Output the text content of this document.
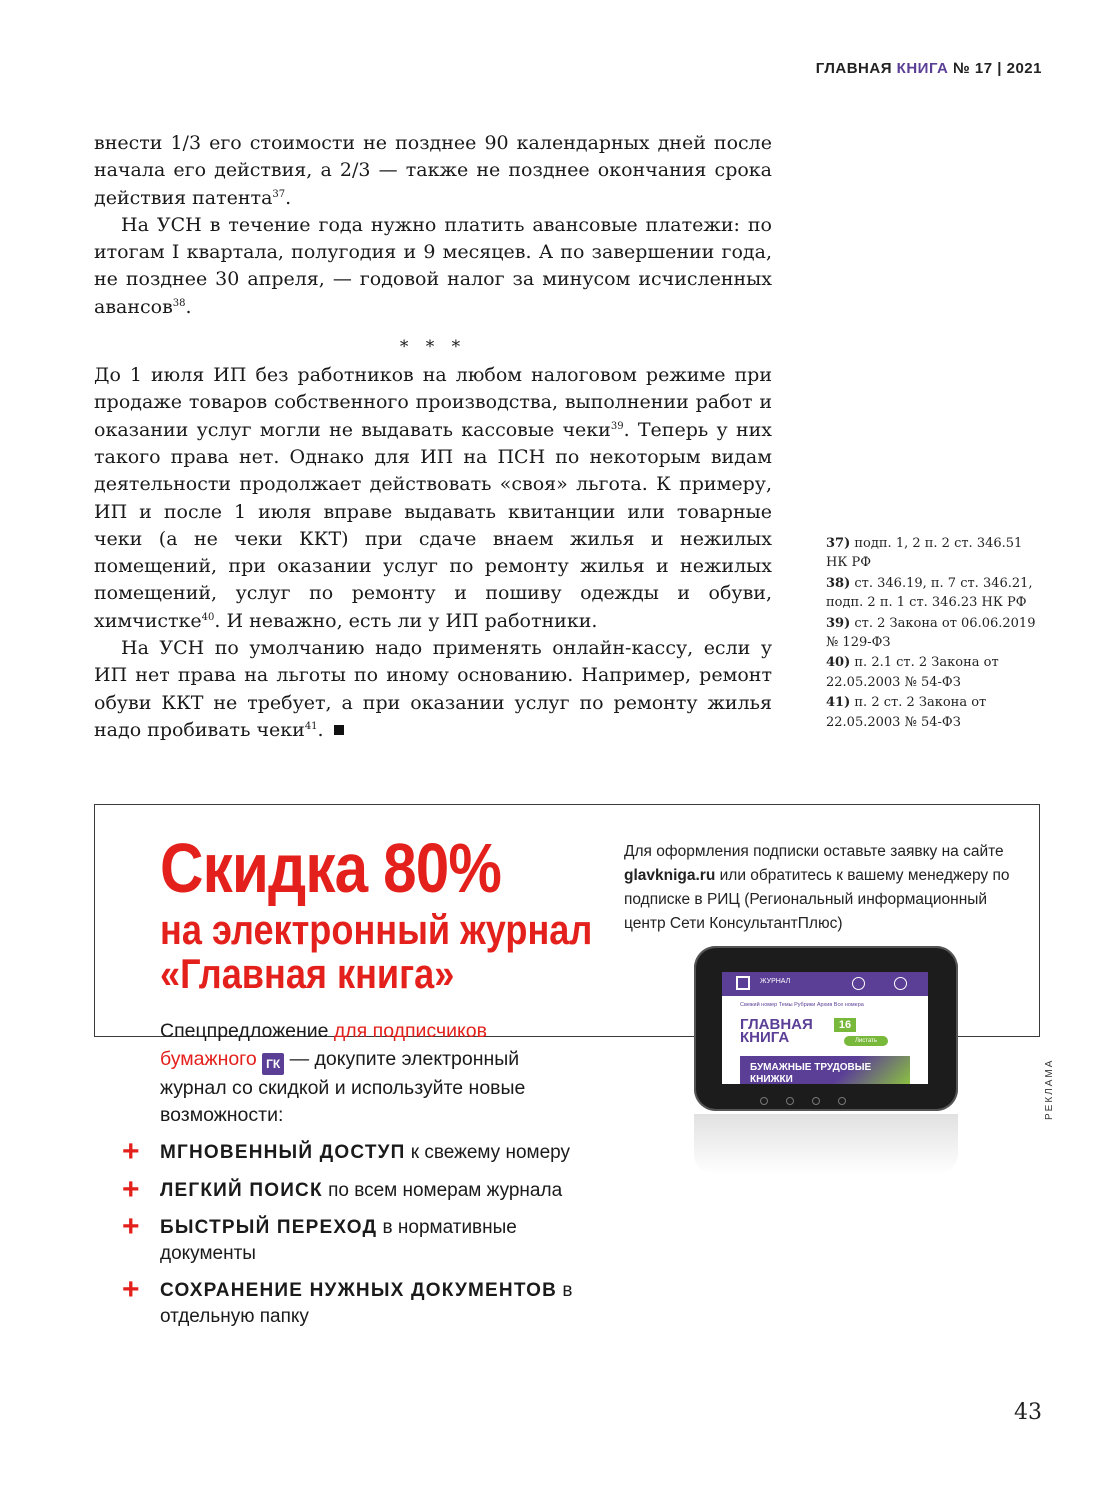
ГЛАВНАЯ КНИГА № 17 | 2021

внести 1/3 его стоимости не позднее 90 календарных дней после начала его действия, а 2/3 — также не позднее окончания срока действия патента$^{37}$.

На УСН в течение года нужно платить авансовые платежи: по итогам I квартала, полугодия и 9 месяцев. А по завершении года, не позднее 30 апреля, — годовой налог за минусом исчисленных авансов$^{38}$.

* * *

До 1 июля ИП без работников на любом налоговом режиме при продаже товаров собственного производства, выполнении работ и оказании услуг могли не выдавать кассовые чеки$^{39}$. Теперь у них такого права нет. Однако для ИП на ПСН по некоторым видам деятельности продолжает действовать «своя» льгота. К примеру, ИП и после 1 июля вправе выдавать квитанции или товарные чеки (а не чеки ККТ) при сдаче внаем жилья и нежилых помещений, при оказании услуг по ремонту жилья и нежилых помещений, услуг по ремонту и пошиву одежды и обуви, химчистке$^{40}$. И неважно, есть ли у ИП работники.

На УСН по умолчанию надо применять онлайн-кассу, если у ИП нет права на льготы по иному основанию. Например, ремонт обуви ККТ не требует, а при оказании услуг по ремонту жилья надо пробивать чеки$^{41}$.

37) подп. 1, 2 п. 2 ст. 346.51 НК РФ
38) ст. 346.19, п. 7 ст. 346.21, подп. 2 п. 1 ст. 346.23 НК РФ
39) ст. 2 Закона от 06.06.2019 № 129-ФЗ
40) п. 2.1 ст. 2 Закона от 22.05.2003 № 54-ФЗ
41) п. 2 ст. 2 Закона от 22.05.2003 № 54-ФЗ
Скидка 80%
на электронный журнал «Главная книга»
Спецпредложение для подписчиков бумажного ГК — докупите электронный журнал со скидкой и используйте новые возможности:
+ МГНОВЕННЫЙ ДОСТУП к свежему номеру
+ ЛЕГКИЙ ПОИСК по всем номерам журнала
+ БЫСТРЫЙ ПЕРЕХОД в нормативные документы
+ СОХРАНЕНИЕ НУЖНЫХ ДОКУМЕНТОВ в отдельную папку
Для оформления подписки оставьте заявку на сайте glavkniga.ru или обратитесь к вашему менеджеру по подписке в РИЦ (Региональный информационный центр Сети КонсультантПлюс)
ЖУРНАЛ
Свежий номер Темы Рубрики Архив Все номера
ГЛАВНАЯ
КНИГА
16
Листать
БУМАЖНЫЕ ТРУДОВЫЕ КНИЖКИ	РЕКЛАМА
43
